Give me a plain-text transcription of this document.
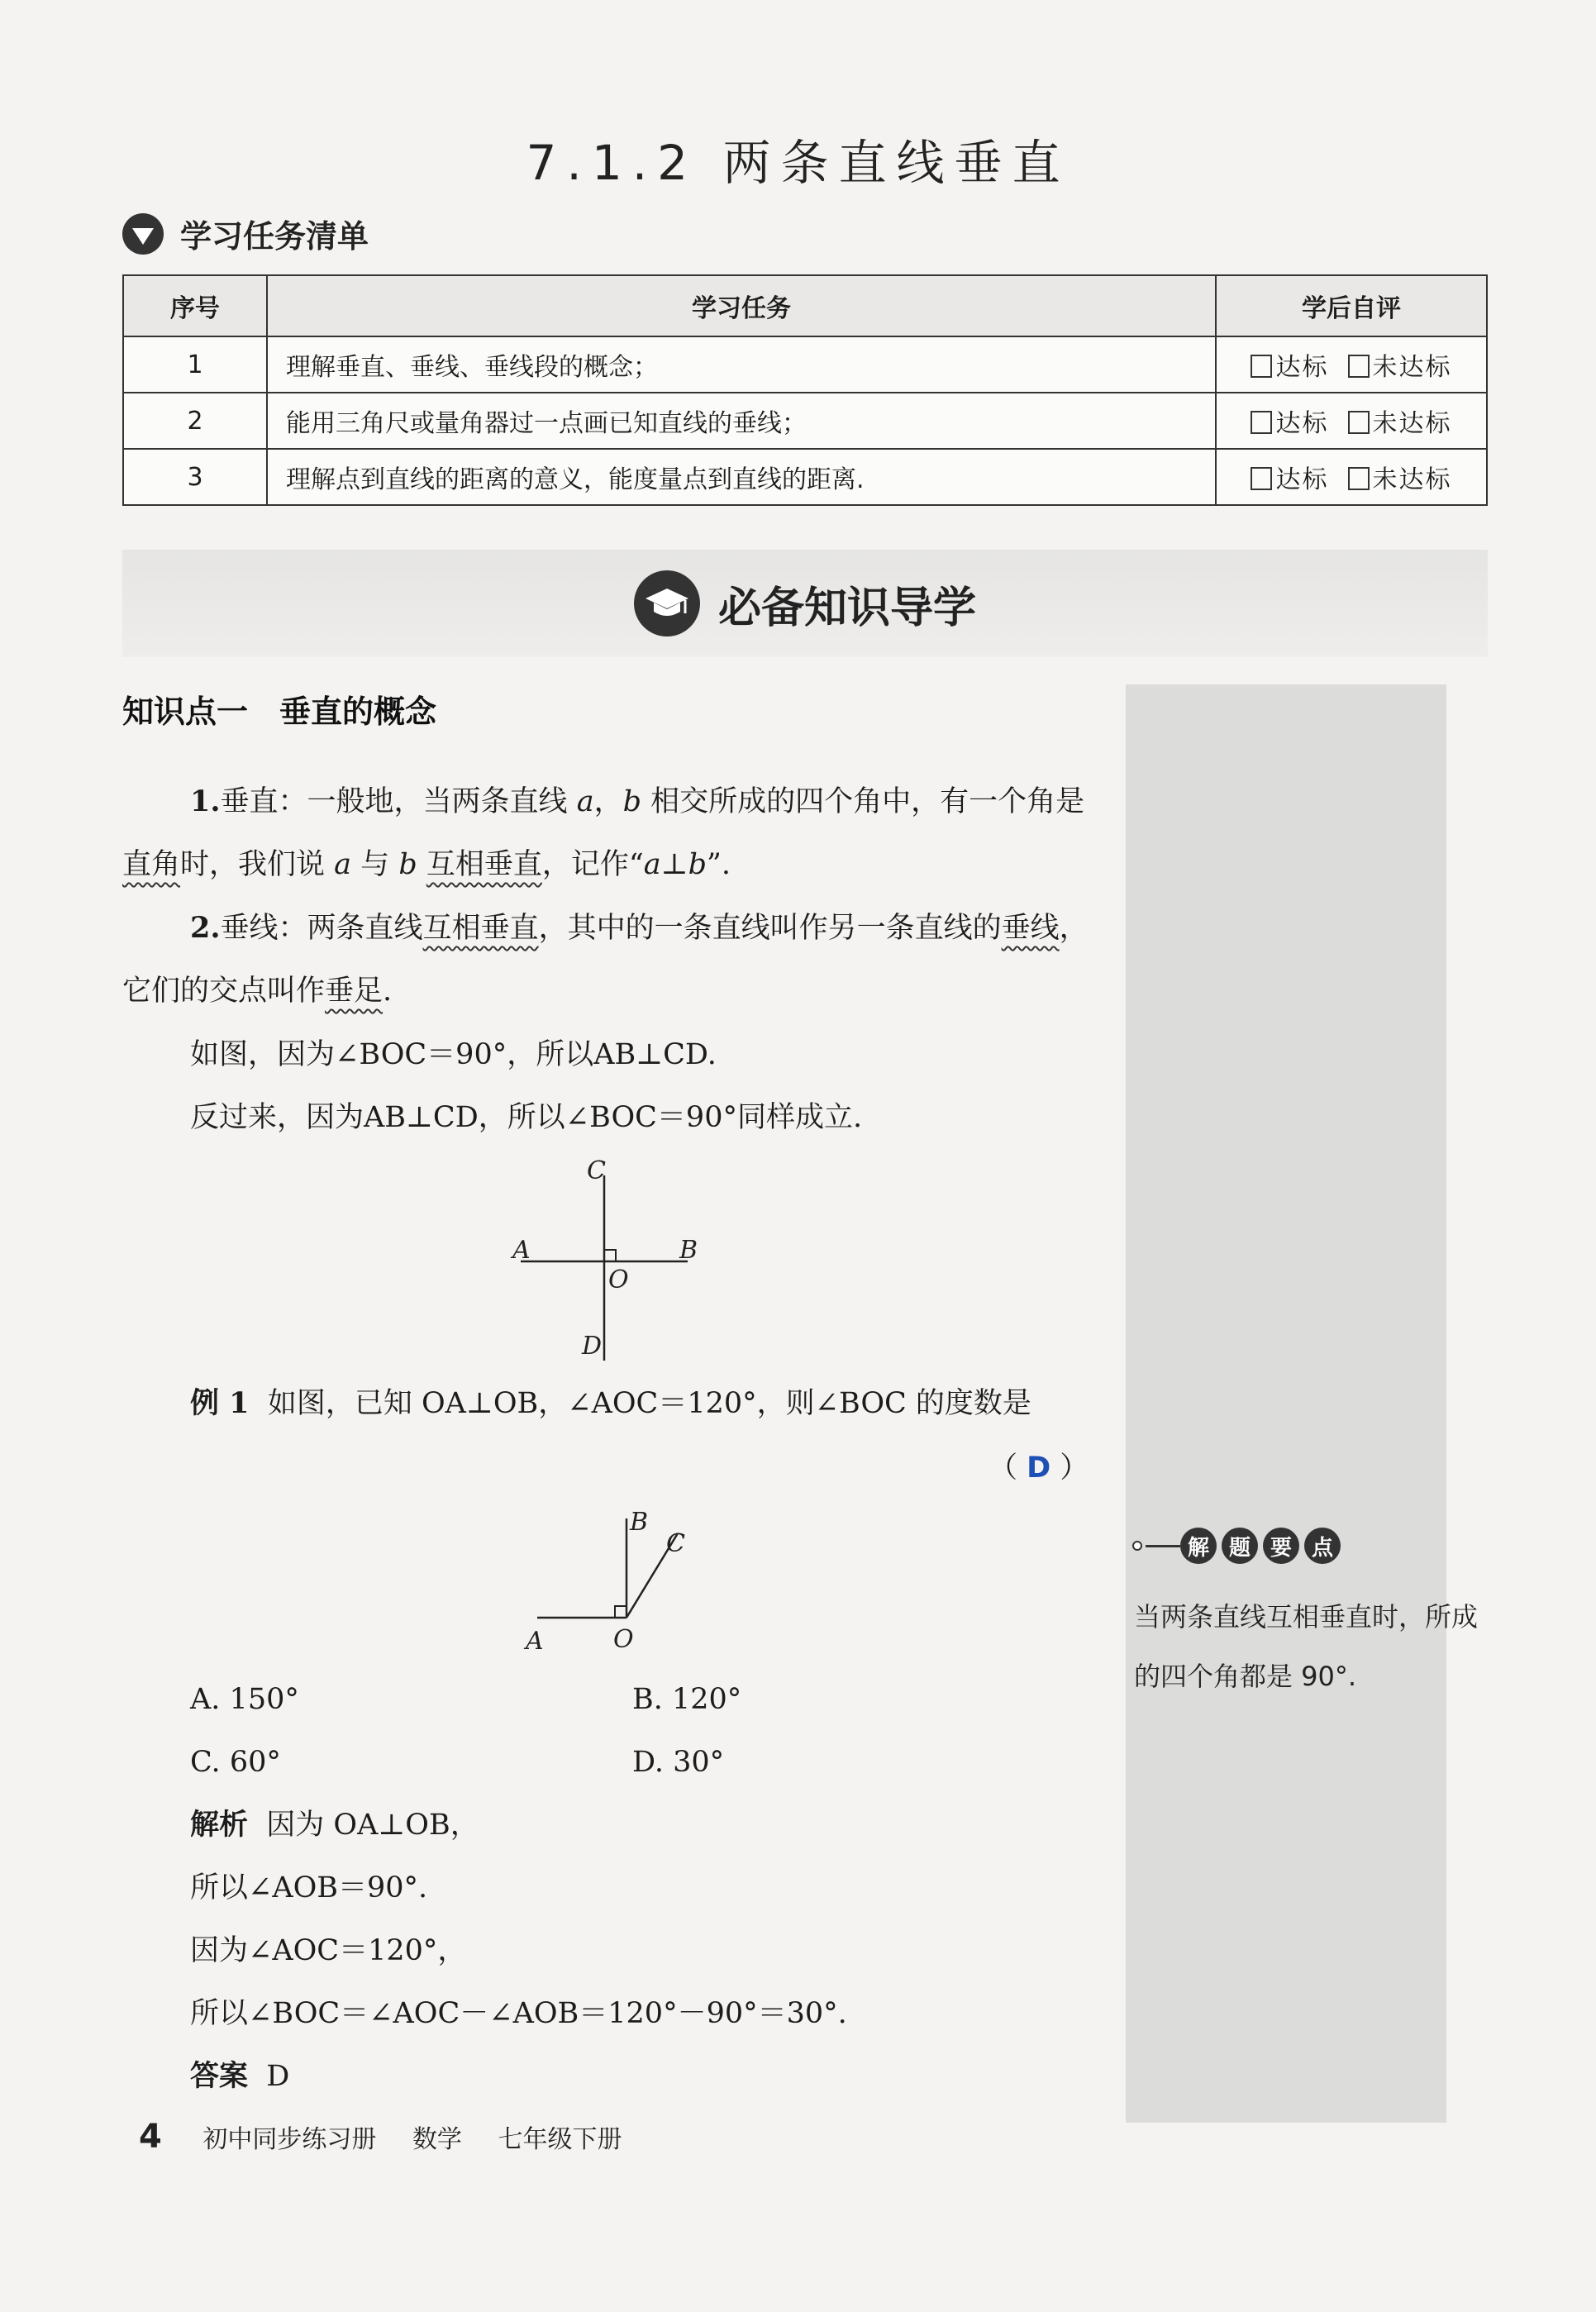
7.1.2 两条直线垂直
学习任务清单
序号	学习任务	学后自评
1	理解垂直、垂线、垂线段的概念；	达标 未达标
2	能用三角尺或量角器过一点画已知直线的垂线；	达标 未达标
3	理解点到直线的距离的意义，能度量点到直线的距离.	达标 未达标
必备知识导学
解 题 要 点
当两条直线互相垂直时，所成的四个角都是 90°.
知识点一　垂直的概念
1.垂直：一般地，当两条直线 a，b 相交所成的四个角中，有一个角是直角时，我们说 a 与 b 互相垂直，记作“a⊥b”.
2.垂线：两条直线互相垂直，其中的一条直线叫作另一条直线的垂线，它们的交点叫作垂足.
如图，因为∠BOC＝90°，所以AB⊥CD.
反过来，因为AB⊥CD，所以∠BOC＝90°同样成立.
C
A	B
O
D
例 1 如图，已知 OA⊥OB，∠AOC＝120°，则∠BOC 的度数是
（ D ）
B
C
A	O
A. 150°	B. 120°
C. 60°	D. 30°
解析 因为 OA⊥OB，
所以∠AOB＝90°.
因为∠AOC＝120°，
所以∠BOC＝∠AOC－∠AOB＝120°－90°＝30°.
答案 D
4 初中同步练习册 数学 七年级下册
